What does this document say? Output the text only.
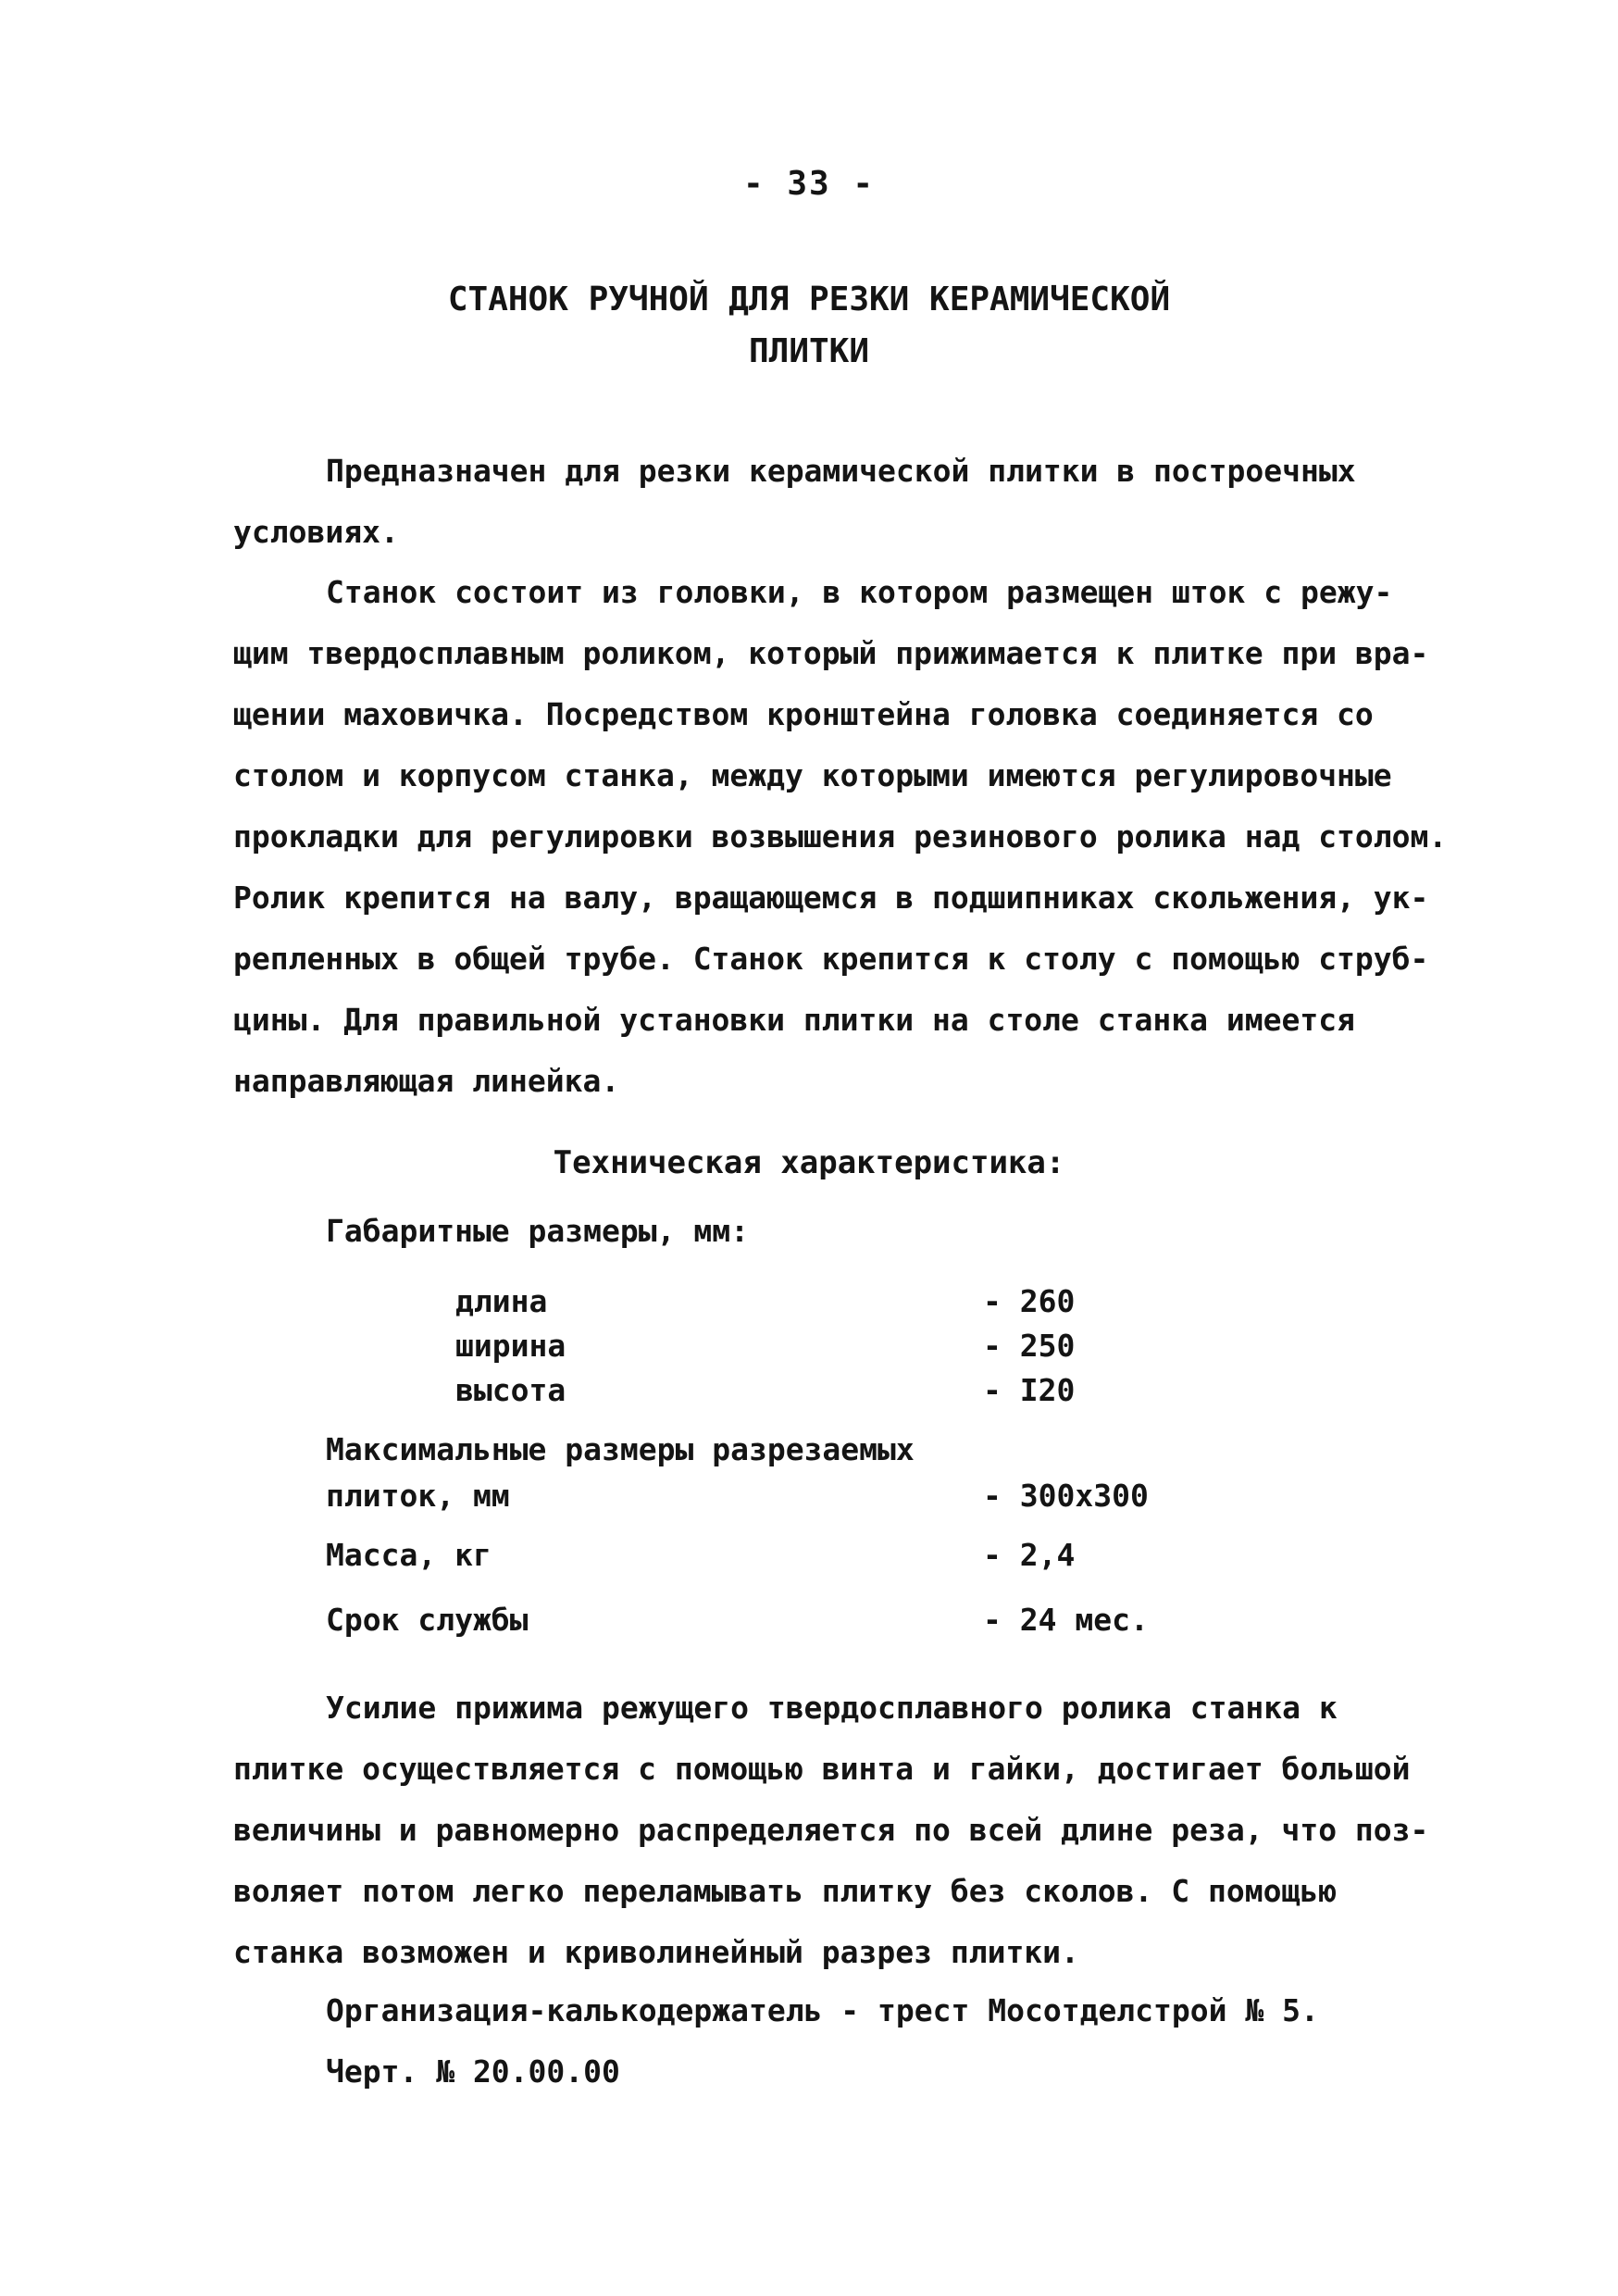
- 33 -
СТАНОК РУЧНОЙ ДЛЯ РЕЗКИ КЕРАМИЧЕСКОЙ
ПЛИТКИ
Предназначен для резки керамической плитки в построечных
условиях.
Станок состоит из головки, в котором размещен шток с режу-
щим твердосплавным роликом, который прижимается к плитке при вра-
щении маховичка. Посредством кронштейна головка соединяется со
столом и корпусом станка, между которыми имеются регулировочные
прокладки для регулировки возвышения резинового ролика над столом.
Ролик крепится на валу, вращающемся в подшипниках скольжения, ук-
репленных в общей трубе. Станок крепится к столу с помощью струб-
цины. Для правильной установки плитки на столе станка имеется
направляющая линейка.
Техническая характеристика:
Габаритные размеры, мм:
длина	- 260
ширина	- 250
высота	- I20
Максимальные размеры разрезаемых
плиток, мм	- 300x300
Масса, кг	- 2,4
Срок службы	- 24 мес.
Усилие прижима режущего твердосплавного ролика станка к
плитке осуществляется с помощью винта и гайки, достигает большой
величины и равномерно распределяется по всей длине реза, что поз-
воляет потом легко переламывать плитку без сколов. С помощью
станка возможен и криволинейный разрез плитки.
Организация-калькодержатель - трест Мосотделстрой № 5.
Черт. № 20.00.00
